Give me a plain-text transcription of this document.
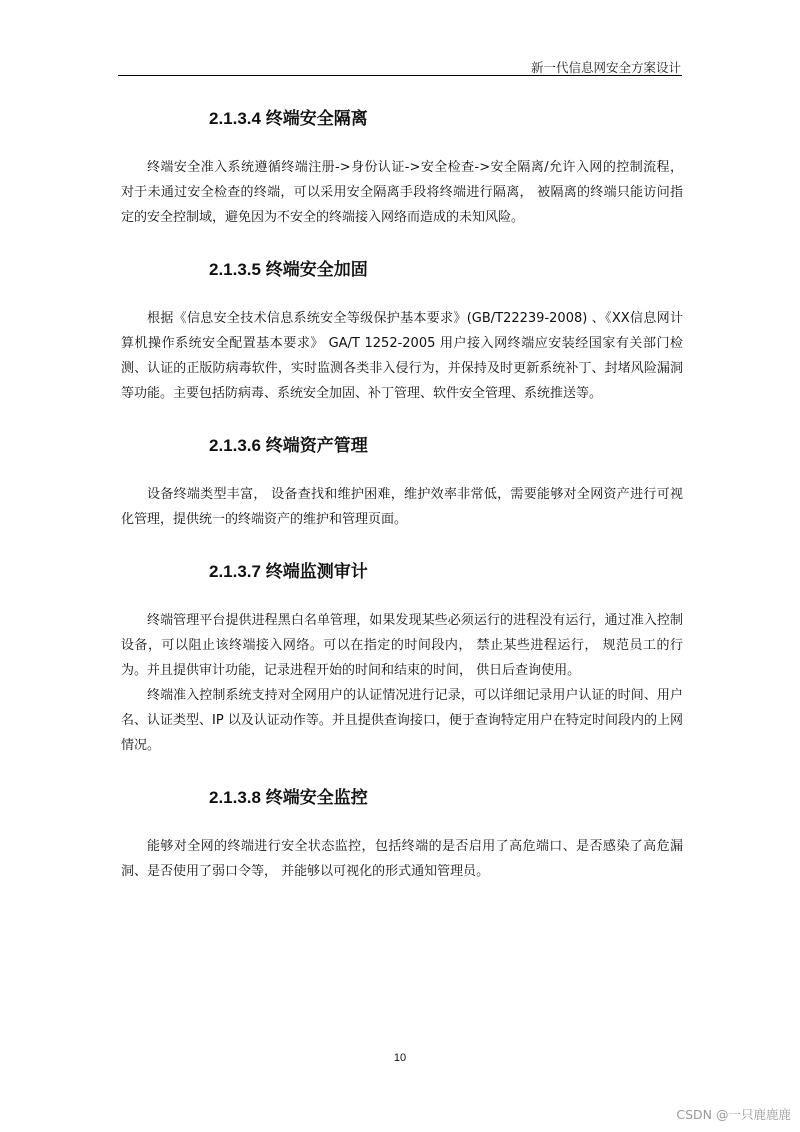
新一代信息网安全方案设计
2.1.3.4 终端安全隔离

终端安全准入系统遵循终端注册->身份认证->安全检查->安全隔离/允许入网的控制流程， 对于未通过安全检查的终端，可以采用安全隔离手段将终端进行隔离， 被隔离的终端只能访问指定的安全控制域，避免因为不安全的终端接入网络而造成的未知风险。

2.1.3.5 终端安全加固

根据《信息安全技术信息系统安全等级保护基本要求》(GB/T22239-2008) 、《XX信息网计算机操作系统安全配置基本要求》 GA/T 1252-2005 用户接入网终端应安装经国家有关部门检测、认证的正版防病毒软件，实时监测各类非入侵行为，并保持及时更新系统补丁、封堵风险漏洞等功能。主要包括防病毒、系统安全加固、补丁管理、软件安全管理、系统推送等。

2.1.3.6 终端资产管理

设备终端类型丰富， 设备查找和维护困难，维护效率非常低，需要能够对全网资产进行可视化管理，提供统一的终端资产的维护和管理页面。

2.1.3.7 终端监测审计

终端管理平台提供进程黑白名单管理，如果发现某些必须运行的进程没有运行，通过准入控制设备，可以阻止该终端接入网络。可以在指定的时间段内， 禁止某些进程运行， 规范员工的行为。并且提供审计功能，记录进程开始的时间和结束的时间， 供日后查询使用。

终端准入控制系统支持对全网用户的认证情况进行记录，可以详细记录用户认证的时间、用户名、认证类型、IP 以及认证动作等。并且提供查询接口，便于查询特定用户在特定时间段内的上网情况。

2.1.3.8 终端安全监控

能够对全网的终端进行安全状态监控，包括终端的是否启用了高危端口、是否感染了高危漏洞、是否使用了弱口令等， 并能够以可视化的形式通知管理员。

10
CSDN @一只鹿鹿鹿
